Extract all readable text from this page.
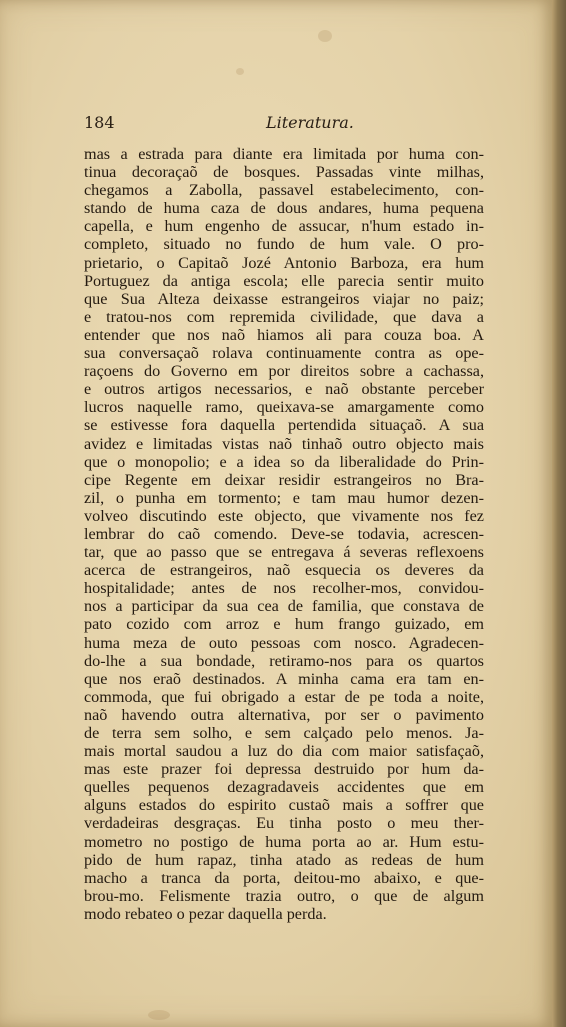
184	Literatura.
mas a estrada para diante era limitada por huma con-
tinua decoraçaõ de bosques. Passadas vinte milhas,
chegamos a Zabolla, passavel estabelecimento, con-
stando de huma caza de dous andares, huma pequena
capella, e hum engenho de assucar, n'hum estado in-
completo, situado no fundo de hum vale. O pro-
prietario, o Capitaõ Jozé Antonio Barboza, era hum
Portuguez da antiga escola; elle parecia sentir muito
que Sua Alteza deixasse estrangeiros viajar no paiz;
e tratou-nos com repremida civilidade, que dava a
entender que nos naõ hiamos ali para couza boa. A
sua conversaçaõ rolava continuamente contra as ope-
raçoens do Governo em por direitos sobre a cachassa,
e outros artigos necessarios, e naõ obstante perceber
lucros naquelle ramo, queixava-se amargamente como
se estivesse fora daquella pertendida situaçaõ. A sua
avidez e limitadas vistas naõ tinhaõ outro objecto mais
que o monopolio; e a idea so da liberalidade do Prin-
cipe Regente em deixar residir estrangeiros no Bra-
zil, o punha em tormento; e tam mau humor dezen-
volveo discutindo este objecto, que vivamente nos fez
lembrar do caõ comendo. Deve-se todavia, acrescen-
tar, que ao passo que se entregava á severas reflexoens
acerca de estrangeiros, naõ esquecia os deveres da
hospitalidade; antes de nos recolher-mos, convidou-
nos a participar da sua cea de familia, que constava de
pato cozido com arroz e hum frango guizado, em
huma meza de outo pessoas com nosco. Agradecen-
do-lhe a sua bondade, retiramo-nos para os quartos
que nos eraõ destinados. A minha cama era tam en-
commoda, que fui obrigado a estar de pe toda a noite,
naõ havendo outra alternativa, por ser o pavimento
de terra sem solho, e sem calçado pelo menos. Ja-
mais mortal saudou a luz do dia com maior satisfaçaõ,
mas este prazer foi depressa destruido por hum da-
quelles pequenos dezagradaveis accidentes que em
alguns estados do espirito custaõ mais a soffrer que
verdadeiras desgraças. Eu tinha posto o meu ther-
mometro no postigo de huma porta ao ar. Hum estu-
pido de hum rapaz, tinha atado as redeas de hum
macho a tranca da porta, deitou-mo abaixo, e que-
brou-mo. Felismente trazia outro, o que de algum
modo rebateo o pezar daquella perda.
